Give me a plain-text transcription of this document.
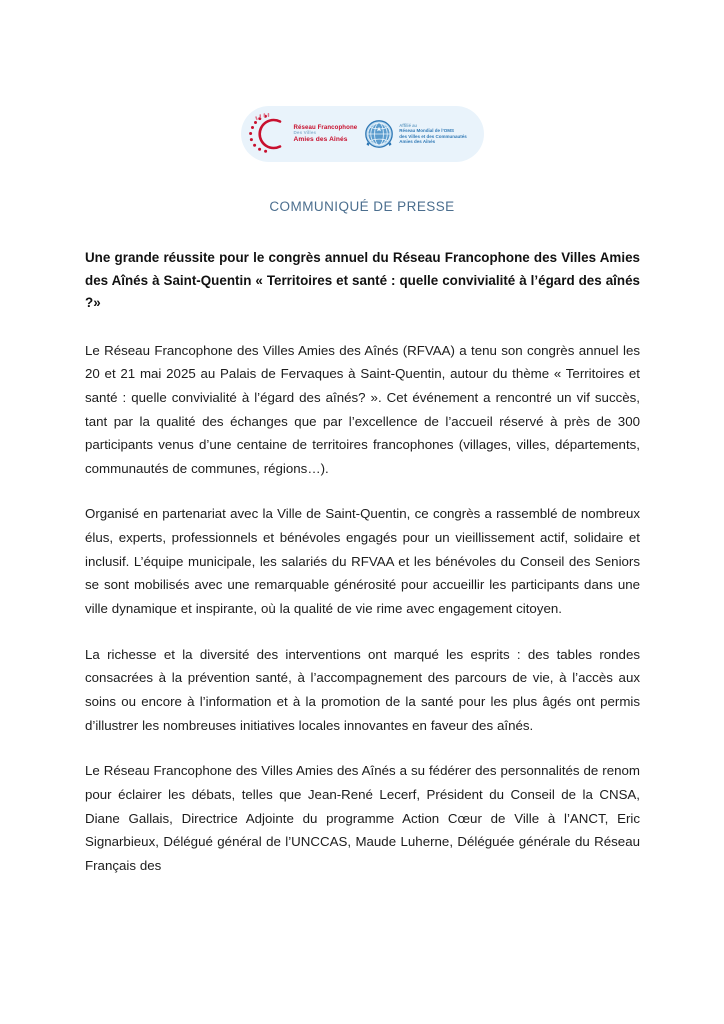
Réseau Francophone
Des Villes
Amies des Aînés
Affilié au
Réseau Mondial de l’OMS
des Villes et des Communautés
Amies des Aînés
COMMUNIQUÉ DE PRESSE
Une grande réussite pour le congrès annuel du Réseau Francophone des Villes Amies des Aînés à Saint-Quentin « Territoires et santé : quelle convivialité à l’égard des aînés ?»

Le Réseau Francophone des Villes Amies des Aînés (RFVAA) a tenu son congrès annuel les 20 et 21 mai 2025 au Palais de Fervaques à Saint-Quentin, autour du thème « Territoires et santé : quelle convivialité à l’égard des aînés? ». Cet événement a rencontré un vif succès, tant par la qualité des échanges que par l’excellence de l’accueil réservé à près de 300 participants venus d’une centaine de territoires francophones (villages, villes, départements, communautés de communes, régions…).

Organisé en partenariat avec la Ville de Saint-Quentin, ce congrès a rassemblé de nombreux élus, experts, professionnels et bénévoles engagés pour un vieillissement actif, solidaire et inclusif. L’équipe municipale, les salariés du RFVAA et les bénévoles du Conseil des Seniors se sont mobilisés avec une remarquable générosité pour accueillir les participants dans une ville dynamique et inspirante, où la qualité de vie rime avec engagement citoyen.

La richesse et la diversité des interventions ont marqué les esprits : des tables rondes consacrées à la prévention santé, à l’accompagnement des parcours de vie, à l’accès aux soins ou encore à l’information et à la promotion de la santé pour les plus âgés ont permis d’illustrer les nombreuses initiatives locales innovantes en faveur des aînés.

Le Réseau Francophone des Villes Amies des Aînés a su fédérer des personnalités de renom pour éclairer les débats, telles que Jean-René Lecerf, Président du Conseil de la CNSA, Diane Gallais, Directrice Adjointe du programme Action Cœur de Ville à l’ANCT, Eric Signarbieux, Délégué général de l’UNCCAS, Maude Luherne, Déléguée générale du Réseau Français des
